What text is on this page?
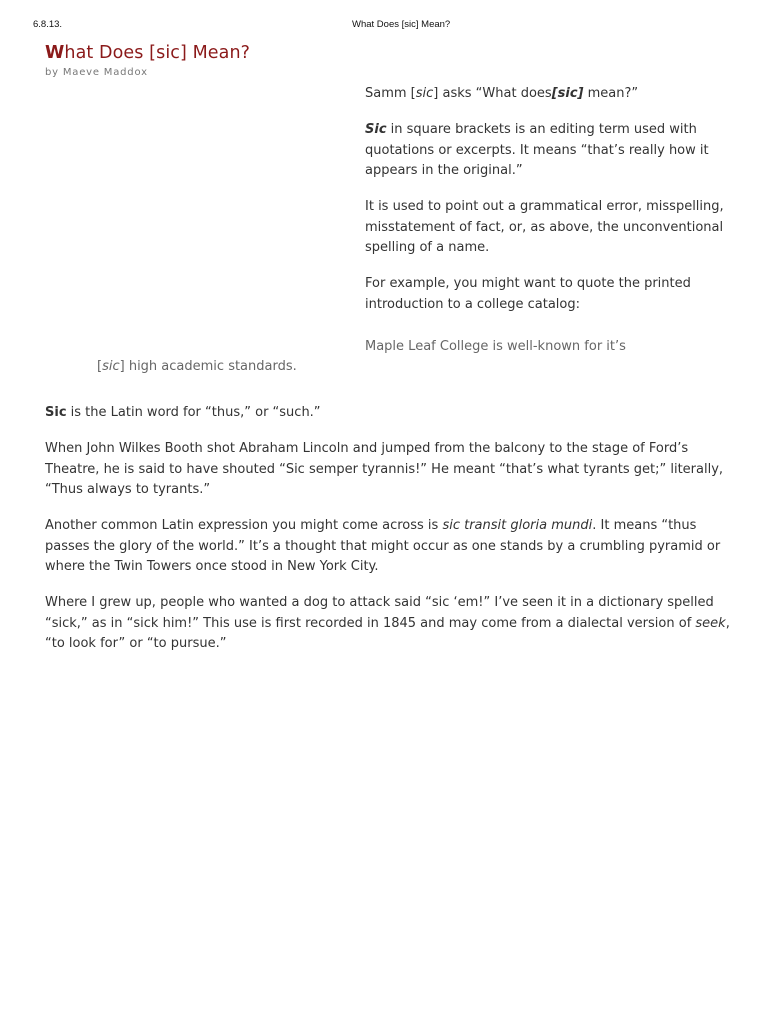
6.8.13.	What Does [sic] Mean?
What Does [sic] Mean?
by Maeve Maddox

Samm [sic] asks “What does[sic] mean?”

Sic in square brackets is an editing term used with quotations or excerpts. It means “that’s really how it appears in the original.”

It is used to point out a grammatical error, misspelling, misstatement of fact, or, as above, the unconventional spelling of a name.

For example, you might want to quote the printed introduction to a college catalog:

Maple Leaf College is well-known for it’s
[sic] high academic standards.

Sic is the Latin word for “thus,” or “such.”

When John Wilkes Booth shot Abraham Lincoln and jumped from the balcony to the stage of Ford’s Theatre, he is said to have shouted “Sic semper tyrannis!” He meant “that’s what tyrants get;” literally, “Thus always to tyrants.”

Another common Latin expression you might come across is sic transit gloria mundi. It means “thus passes the glory of the world.” It’s a thought that might occur as one stands by a crumbling pyramid or where the Twin Towers once stood in New York City.

Where I grew up, people who wanted a dog to attack said “sic ‘em!” I’ve seen it in a dictionary spelled “sick,” as in “sick him!” This use is first recorded in 1845 and may come from a dialectal version of seek, “to look for” or “to pursue.”
